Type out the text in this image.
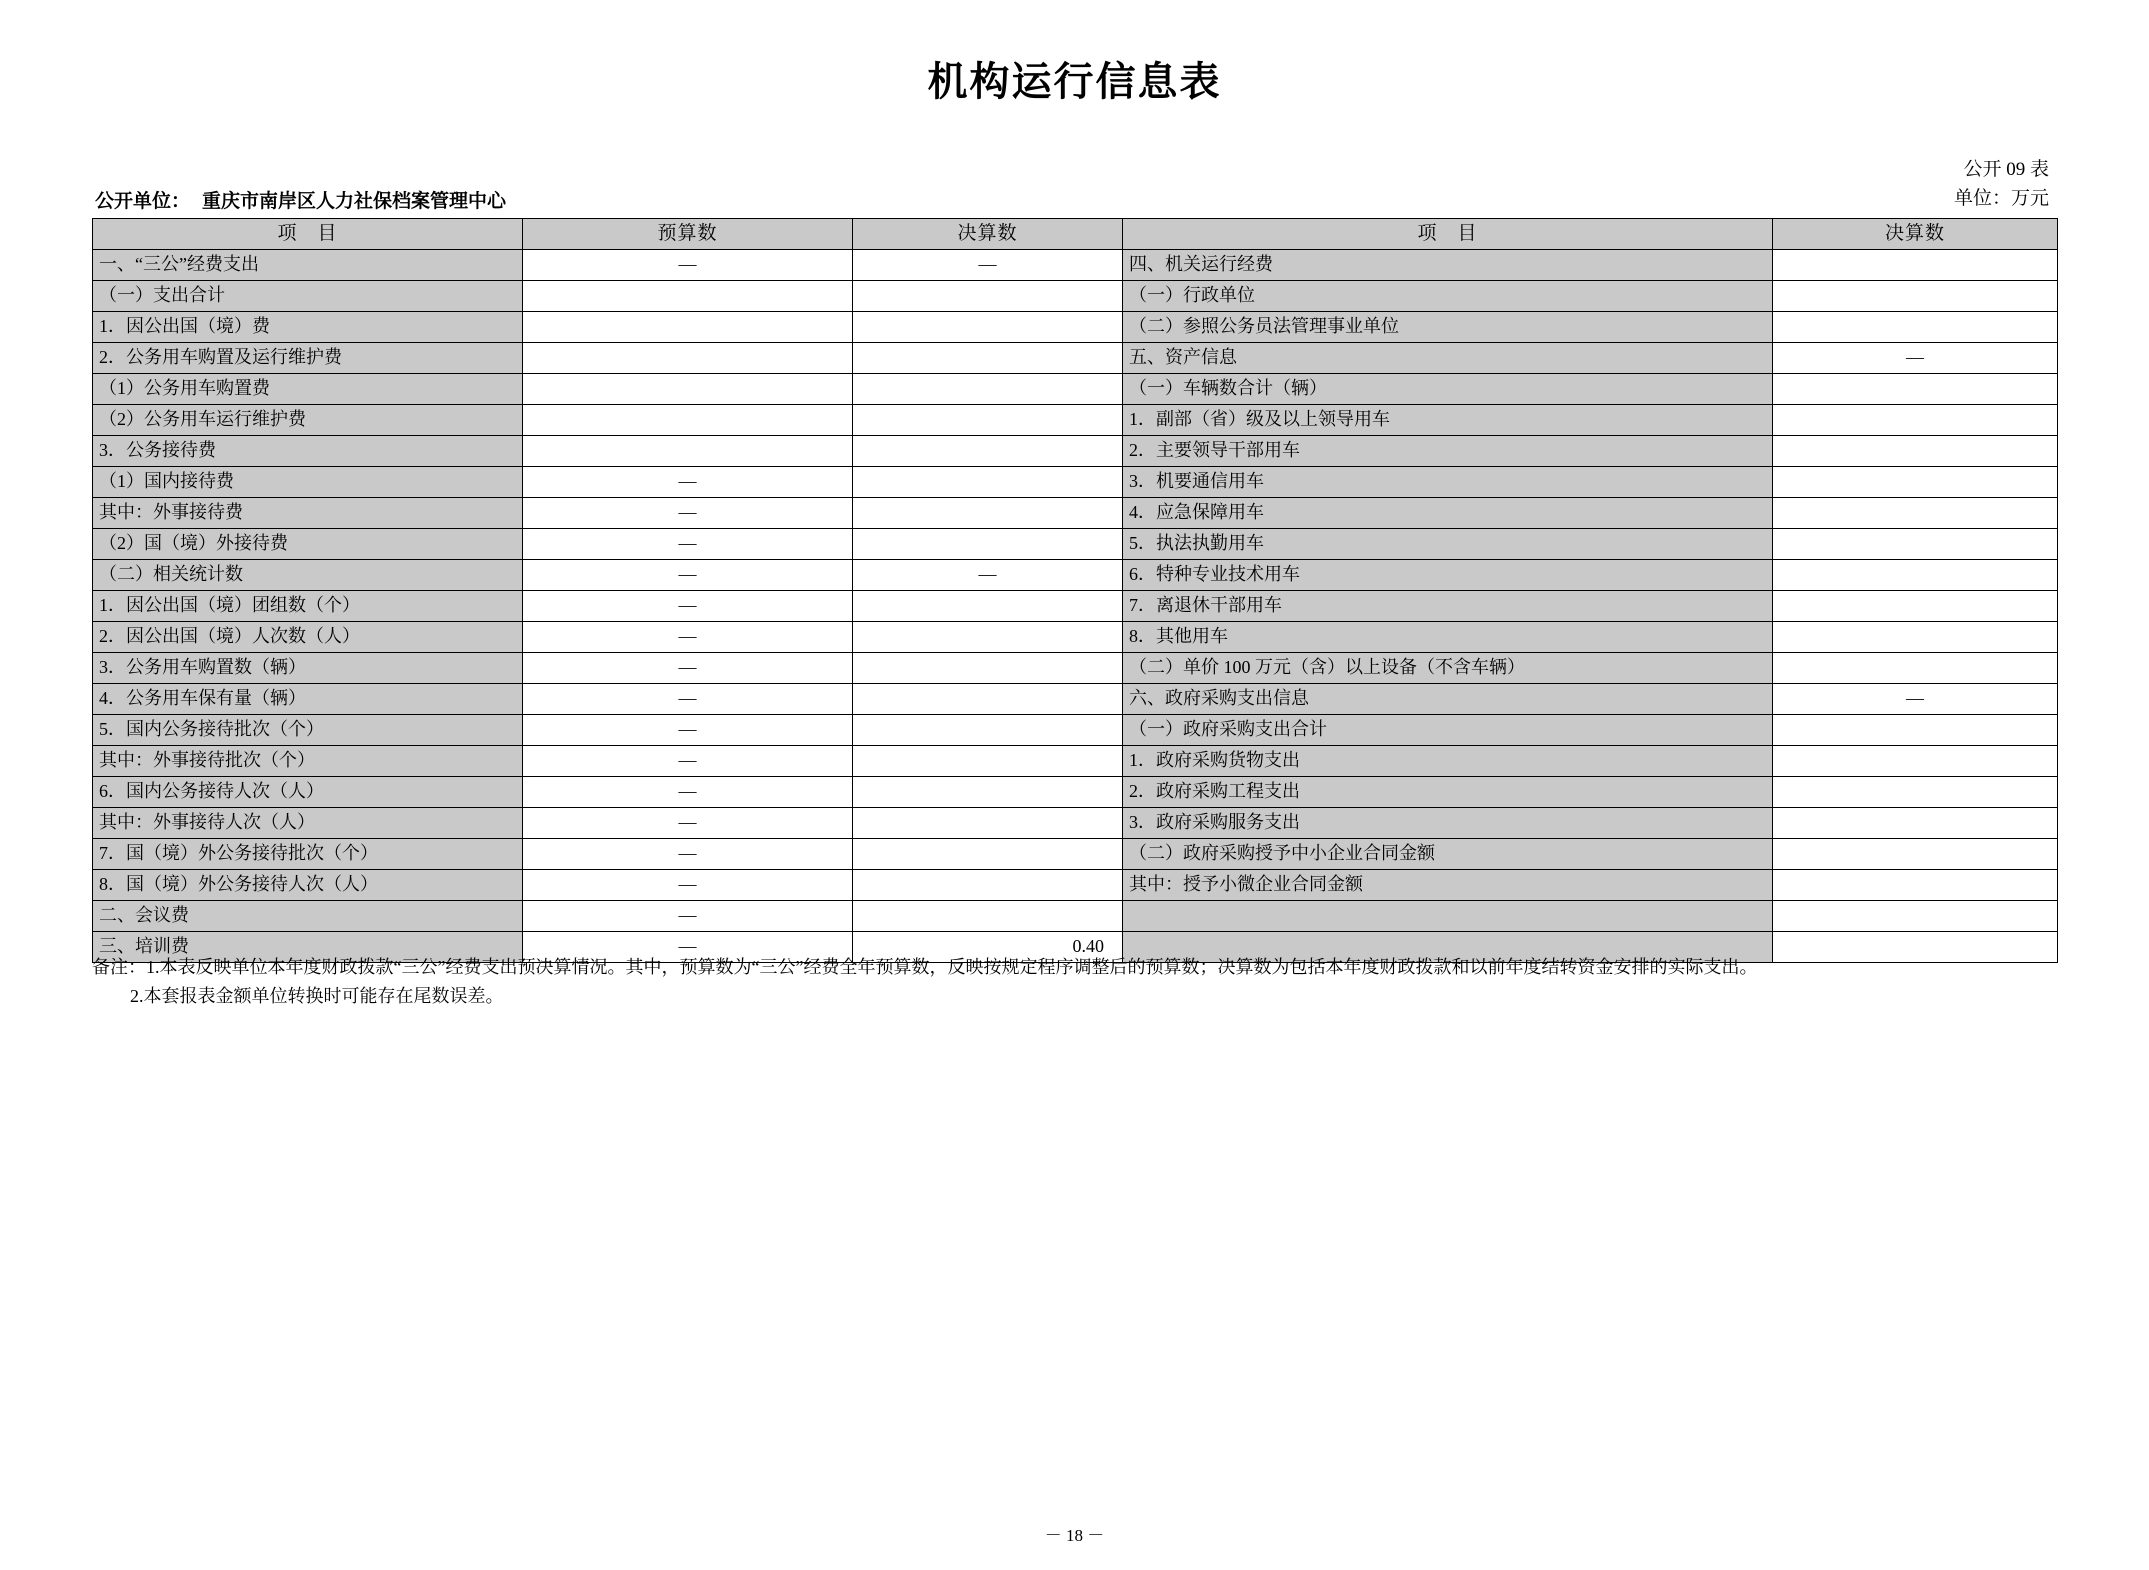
机构运行信息表
公开 09 表
单位：万元
公开单位： 重庆市南岸区人力社保档案管理中心
项　目	预算数	决算数	项　目	决算数
一、“三公”经费支出	—	—	四、机关运行经费	
（一）支出合计			（一）行政单位	
1．因公出国（境）费			（二）参照公务员法管理事业单位	
2．公务用车购置及运行维护费			五、资产信息	—
（1）公务用车购置费			（一）车辆数合计（辆）	
（2）公务用车运行维护费			1．副部（省）级及以上领导用车	
3．公务接待费			2．主要领导干部用车	
（1）国内接待费	—		3．机要通信用车	
其中：外事接待费	—		4．应急保障用车	
（2）国（境）外接待费	—		5．执法执勤用车	
（二）相关统计数	—	—	6．特种专业技术用车	
1．因公出国（境）团组数（个）	—		7．离退休干部用车	
2．因公出国（境）人次数（人）	—		8．其他用车	
3．公务用车购置数（辆）	—		（二）单价 100 万元（含）以上设备（不含车辆）	
4．公务用车保有量（辆）	—		六、政府采购支出信息	—
5．国内公务接待批次（个）	—		（一）政府采购支出合计	
其中：外事接待批次（个）	—		1．政府采购货物支出	
6．国内公务接待人次（人）	—		2．政府采购工程支出	
其中：外事接待人次（人）	—		3．政府采购服务支出	
7．国（境）外公务接待批次（个）	—		（二）政府采购授予中小企业合同金额	
8．国（境）外公务接待人次（人）	—		其中：授予小微企业合同金额	
二、会议费	—			
三、培训费	—	0.40		
备注：1.本表反映单位本年度财政拨款“三公”经费支出预决算情况。其中，预算数为“三公”经费全年预算数，反映按规定程序调整后的预算数；决算数为包括本年度财政拨款和以前年度结转资金安排的实际支出。
2.本套报表金额单位转换时可能存在尾数误差。
－ 18 －
